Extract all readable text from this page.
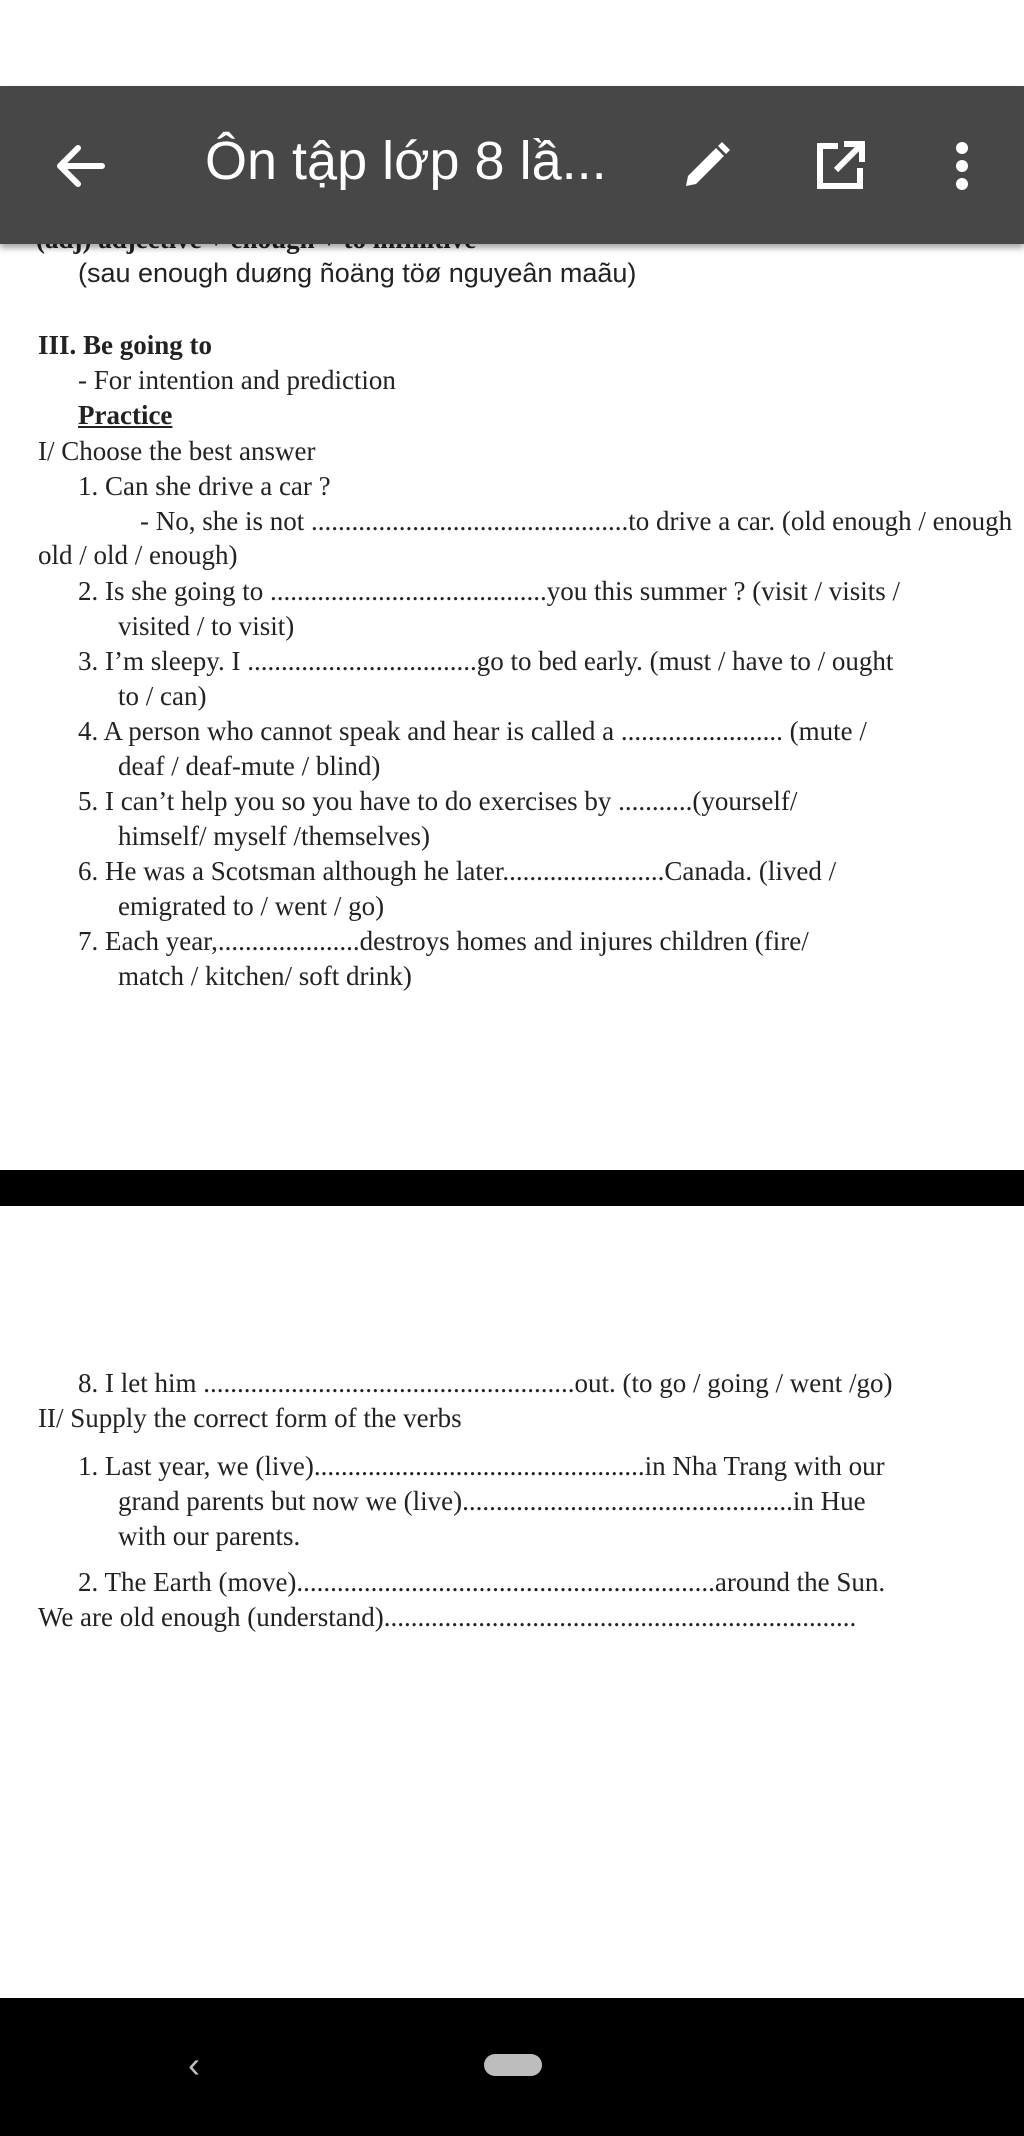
Ôn tập lớp 8 lầ...
(sau enough duøng ñoäng töø nguyeân maãu)
III. Be going to
- For intention and prediction
Practice
I/ Choose the best answer
1. Can she drive a car ?
- No, she is not ...............................................to drive a car. (old enough / enough
old / old / enough)
2. Is she going to .........................................you this summer ? (visit / visits /
visited / to visit)
3. I’m sleepy. I ..................................go to bed early. (must / have to / ought
to / can)
4. A person who cannot speak and hear is called a ........................ (mute /
deaf / deaf-mute / blind)
5. I can’t help you so you have to do exercises by ...........(yourself/
himself/ myself /themselves)
6. He was a Scotsman although he later........................Canada. (lived /
emigrated to / went / go)
7. Each year,.....................destroys homes and injures children (fire/
match / kitchen/ soft drink)
8. I let him .......................................................out. (to go / going / went /go)
II/ Supply the correct form of the verbs
1. Last year, we (live).................................................in Nha Trang with our
grand parents but now we (live).................................................in Hue
with our parents.
2. The Earth (move)..............................................................around the Sun.
We are old enough (understand)......................................................................
‹
